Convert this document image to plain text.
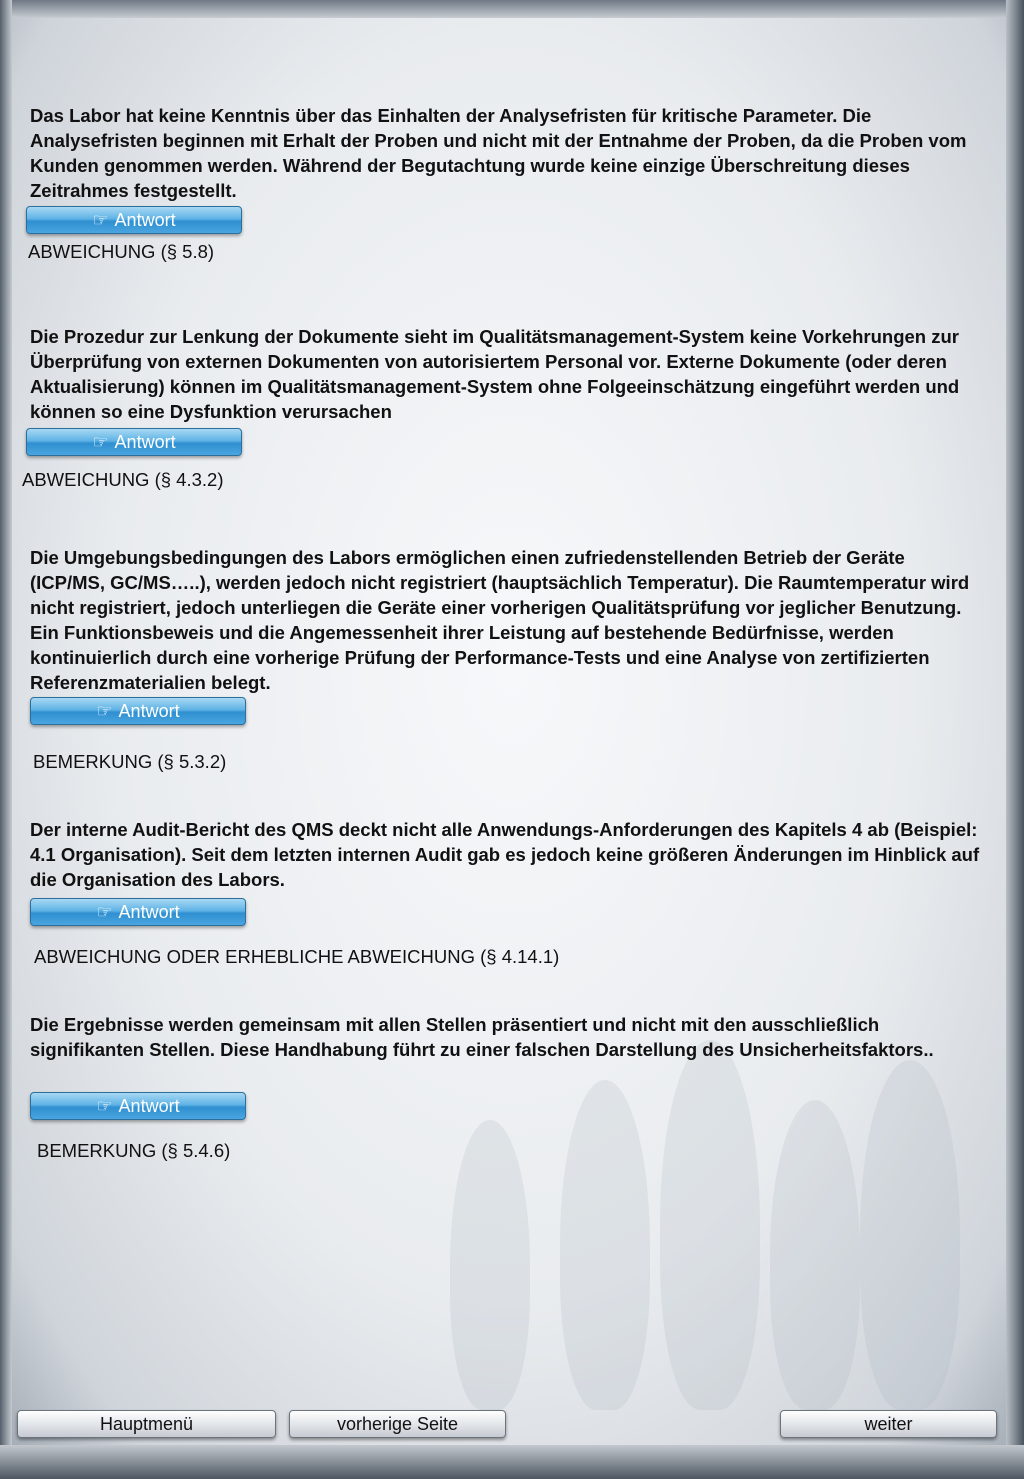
Das Labor hat keine Kenntnis über das Einhalten der Analysefristen für kritische Parameter. Die Analysefristen beginnen mit Erhalt der Proben und nicht mit der Entnahme der Proben, da die Proben vom Kunden genommen werden. Während der Begutachtung wurde keine einzige Überschreitung dieses Zeitrahmes festgestellt.
☞ Antwort
ABWEICHUNG (§ 5.8)
Die Prozedur zur Lenkung der Dokumente sieht im Qualitätsmanagement-System keine Vorkehrungen zur Überprüfung von externen Dokumenten von autorisiertem Personal vor. Externe Dokumente (oder deren Aktualisierung) können im Qualitätsmanagement-System ohne Folgeeinschätzung eingeführt werden und können so eine Dysfunktion verursachen
☞ Antwort
ABWEICHUNG (§ 4.3.2)
Die Umgebungsbedingungen des Labors ermöglichen einen zufriedenstellenden Betrieb der Geräte (ICP/MS, GC/MS…..), werden jedoch nicht registriert (hauptsächlich Temperatur). Die Raumtemperatur wird nicht registriert, jedoch unterliegen die Geräte einer vorherigen Qualitätsprüfung vor jeglicher Benutzung. Ein Funktionsbeweis und die Angemessenheit ihrer Leistung auf bestehende Bedürfnisse, werden kontinuierlich durch eine vorherige Prüfung der Performance-Tests und eine Analyse von zertifizierten Referenzmaterialien belegt.
☞ Antwort
BEMERKUNG (§ 5.3.2)
Der interne Audit-Bericht des QMS deckt nicht alle Anwendungs-Anforderungen des Kapitels 4 ab (Beispiel: 4.1 Organisation). Seit dem letzten internen Audit gab es jedoch keine größeren Änderungen im Hinblick auf die Organisation des Labors.
☞ Antwort
ABWEICHUNG ODER ERHEBLICHE ABWEICHUNG (§ 4.14.1)
Die Ergebnisse werden gemeinsam mit allen Stellen präsentiert und nicht mit den ausschließlich signifikanten Stellen. Diese Handhabung führt zu einer falschen Darstellung des Unsicherheitsfaktors..
☞ Antwort
BEMERKUNG (§ 5.4.6)
Hauptmenü	vorherige Seite	weiter
